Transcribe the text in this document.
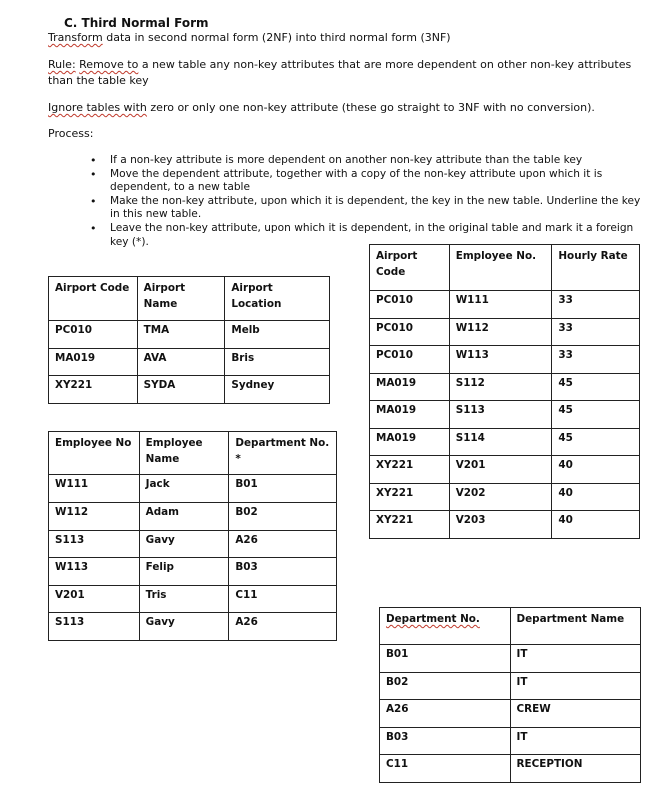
C. Third Normal Form
Transform data in second normal form (2NF) into third normal form (3NF)
Rule: Remove to a new table any non-key attributes that are more dependent on other non-key attributes
than the table key
Ignore tables with zero or only one non-key attribute (these go straight to 3NF with no conversion).
Process:
• If a non-key attribute is more dependent on another non-key attribute than the table key
• Move the dependent attribute, together with a copy of the non-key attribute upon which it is dependent, to a new table
• Make the non-key attribute, upon which it is dependent, the key in the new table. Underline the key in this new table.
• Leave the non-key attribute, upon which it is dependent, in the original table and mark it a foreign key (*).
Airport Code	Airport Name	Airport Location
PC010	TMA	Melb
MA019	AVA	Bris
XY221	SYDA	Sydney
Employee No	Employee Name	Department No. *
W111	Jack	B01
W112	Adam	B02
S113	Gavy	A26
W113	Felip	B03
V201	Tris	C11
S113	Gavy	A26
Airport Code	Employee No.	Hourly Rate
PC010	W111	33
PC010	W112	33
PC010	W113	33
MA019	S112	45
MA019	S113	45
MA019	S114	45
XY221	V201	40
XY221	V202	40
XY221	V203	40
Department No.	Department Name
B01	IT
B02	IT
A26	CREW
B03	IT
C11	RECEPTION
